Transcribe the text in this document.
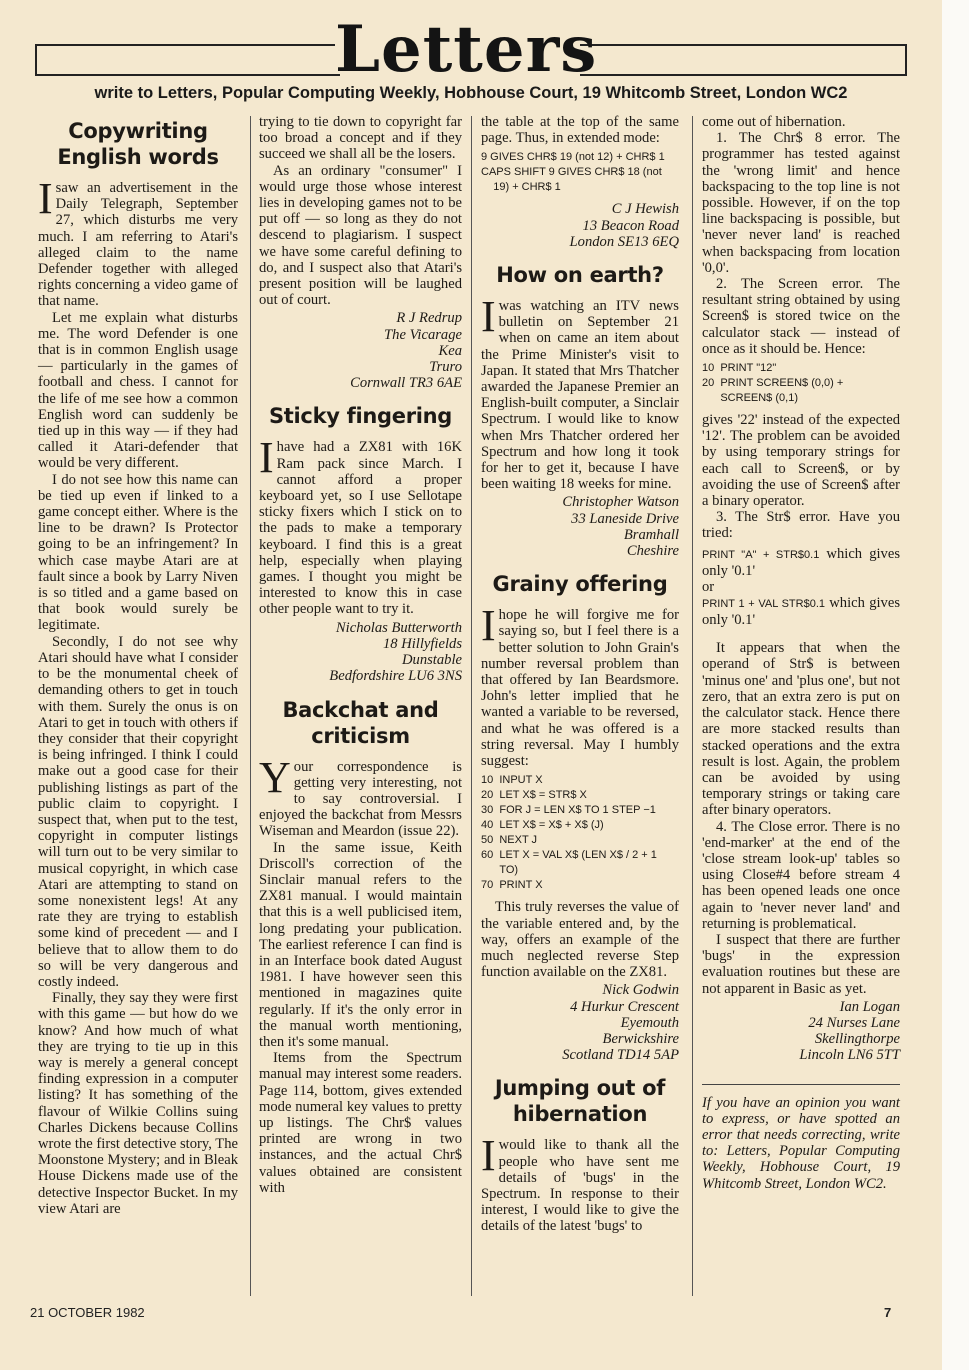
Letters
write to Letters, Popular Computing Weekly, Hobhouse Court, 19 Whitcomb Street, London WC2
Copywriting English words

Isaw an advertisement in the Daily Telegraph, September 27, which disturbs me very much. I am referring to Atari's alleged claim to the name Defender together with alleged rights concerning a video game of that name.

Let me explain what disturbs me. The word Defender is one that is in common English usage — particularly in the games of football and chess. I cannot for the life of me see how a common English word can suddenly be tied up in this way — if they had called it Atari-defender that would be very different.

I do not see how this name can be tied up even if linked to a game concept either. Where is the line to be drawn? Is Protector going to be an infringement? In which case maybe Atari are at fault since a book by Larry Niven is so titled and a game based on that book would surely be legitimate.

Secondly, I do not see why Atari should have what I consider to be the monumental cheek of demanding others to get in touch with them. Surely the onus is on Atari to get in touch with others if they consider that their copyright is being infringed. I think I could make out a good case for their publishing listings as part of the public claim to copyright. I suspect that, when put to the test, copyright in computer listings will turn out to be very similar to musical copyright, in which case Atari are attempting to stand on some nonexistent legs! At any rate they are trying to establish some kind of precedent — and I believe that to allow them to do so will be very dangerous and costly indeed.

Finally, they say they were first with this game — but how do we know? And how much of what they are trying to tie up in this way is merely a general concept finding expression in a computer listing? It has something of the flavour of Wilkie Collins suing Charles Dickens because Collins wrote the first detective story, The Moonstone Mystery; and in Bleak House Dickens made use of the detective Inspector Bucket. In my view Atari are

trying to tie down to copyright far too broad a concept and if they succeed we shall all be the losers.

As an ordinary "consumer" I would urge those whose interest lies in developing games not to be put off — so long as they do not descend to plagiarism. I suspect we have some careful defining to do, and I suspect also that Atari's present position will be laughed out of court.

R J Redrup
The Vicarage
Kea
Truro
Cornwall TR3 6AE
Sticky fingering

Ihave had a ZX81 with 16K Ram pack since March. I cannot afford a proper keyboard yet, so I use Sellotape sticky fixers which I stick on to the pads to make a temporary keyboard. I find this is a great help, especially when playing games. I thought you might be interested to know this in case other people want to try it.

Nicholas Butterworth
18 Hillyfields
Dunstable
Bedfordshire LU6 3NS
Backchat and criticism

Your correspondence is getting very interesting, not to say controversial. I enjoyed the backchat from Messrs Wiseman and Meardon (issue 22).

In the same issue, Keith Driscoll's correction of the Sinclair manual refers to the ZX81 manual. I would maintain that this is a well publicised item, long predating your publication. The earliest reference I can find is in an Interface book dated August 1981. I have however seen this mentioned in magazines quite regularly. If it's the only error in the manual worth mentioning, then it's some manual.

Items from the Spectrum manual may interest some readers. Page 114, bottom, gives extended mode numeral key values to pretty up listings. The Chr$ values printed are wrong in two instances, and the actual Chr$ values obtained are consistent with

the table at the top of the same page. Thus, in extended mode:

9 GIVES CHR$ 19 (not 12) + CHR$ 1
CAPS SHIFT 9 GIVES CHR$ 18 (not
19) + CHR$ 1
C J Hewish
13 Beacon Road
London SE13 6EQ
How on earth?

Iwas watching an ITV news bulletin on September 21 when on came an item about the Prime Minister's visit to Japan. It stated that Mrs Thatcher awarded the Japanese Premier an English-built computer, a Sinclair Spectrum. I would like to know when Mrs Thatcher ordered her Spectrum and how long it took for her to get it, because I have been waiting 18 weeks for mine.

Christopher Watson
33 Laneside Drive
Bramhall
Cheshire
Grainy offering

Ihope he will forgive me for saying so, but I feel there is a better solution to John Grain's number reversal problem than that offered by Ian Beardsmore. John's letter implied that he wanted a variable to be reversed, and what he was offered is a string reversal. May I humbly suggest:

10  INPUT X
20  LET X$ = STR$ X
30  FOR J = LEN X$ TO 1 STEP −1
40  LET X$ = X$ + X$ (J)
50  NEXT J
60  LET X = VAL X$ (LEN X$ / 2 + 1
TO)
70  PRINT X

This truly reverses the value of the variable entered and, by the way, offers an example of the much neglected reverse Step function available on the ZX81.

Nick Godwin
4 Hurkur Crescent
Eyemouth
Berwickshire
Scotland TD14 5AP
Jumping out of hibernation

Iwould like to thank all the people who have sent me details of 'bugs' in the Spectrum. In response to their interest, I would like to give the details of the latest 'bugs' to

come out of hibernation.

1. The Chr$ 8 error. The programmer has tested against the 'wrong limit' and hence backspacing to the top line is not possible. However, if on the top line backspacing is possible, but 'never never land' is reached when backspacing from location '0,0'.

2. The Screen error. The resultant string obtained by using Screen$ is stored twice on the calculator stack — instead of once as it should be. Hence:

10  PRINT "12"
20  PRINT SCREEN$ (0,0) +
SCREEN$ (0,1)

gives '22' instead of the expected '12'. The problem can be avoided by using temporary strings for each call to Screen$, or by avoiding the use of Screen$ after a binary operator.

3. The Str$ error. Have you tried:

PRINT "A" + STR$0.1 which gives only '0.1'

or

PRINT 1 + VAL STR$0.1 which gives only '0.1'

It appears that when the operand of Str$ is between 'minus one' and 'plus one', but not zero, that an extra zero is put on the calculator stack. Hence there are more stacked results than stacked operations and the extra result is lost. Again, the problem can be avoided by using temporary strings or taking care after binary operators.

4. The Close error. There is no 'end-marker' at the end of the 'close stream look-up' tables so using Close#4 before stream 4 has been opened leads one once again to 'never never land' and returning is problematical.

I suspect that there are further 'bugs' in the expression evaluation routines but these are not apparent in Basic as yet.

Ian Logan
24 Nurses Lane
Skellingthorpe
Lincoln LN6 5TT
If you have an opinion you want to express, or have spotted an error that needs correcting, write to: Letters, Popular Computing Weekly, Hobhouse Court, 19 Whitcomb Street, London WC2.
21 OCTOBER 1982	7
